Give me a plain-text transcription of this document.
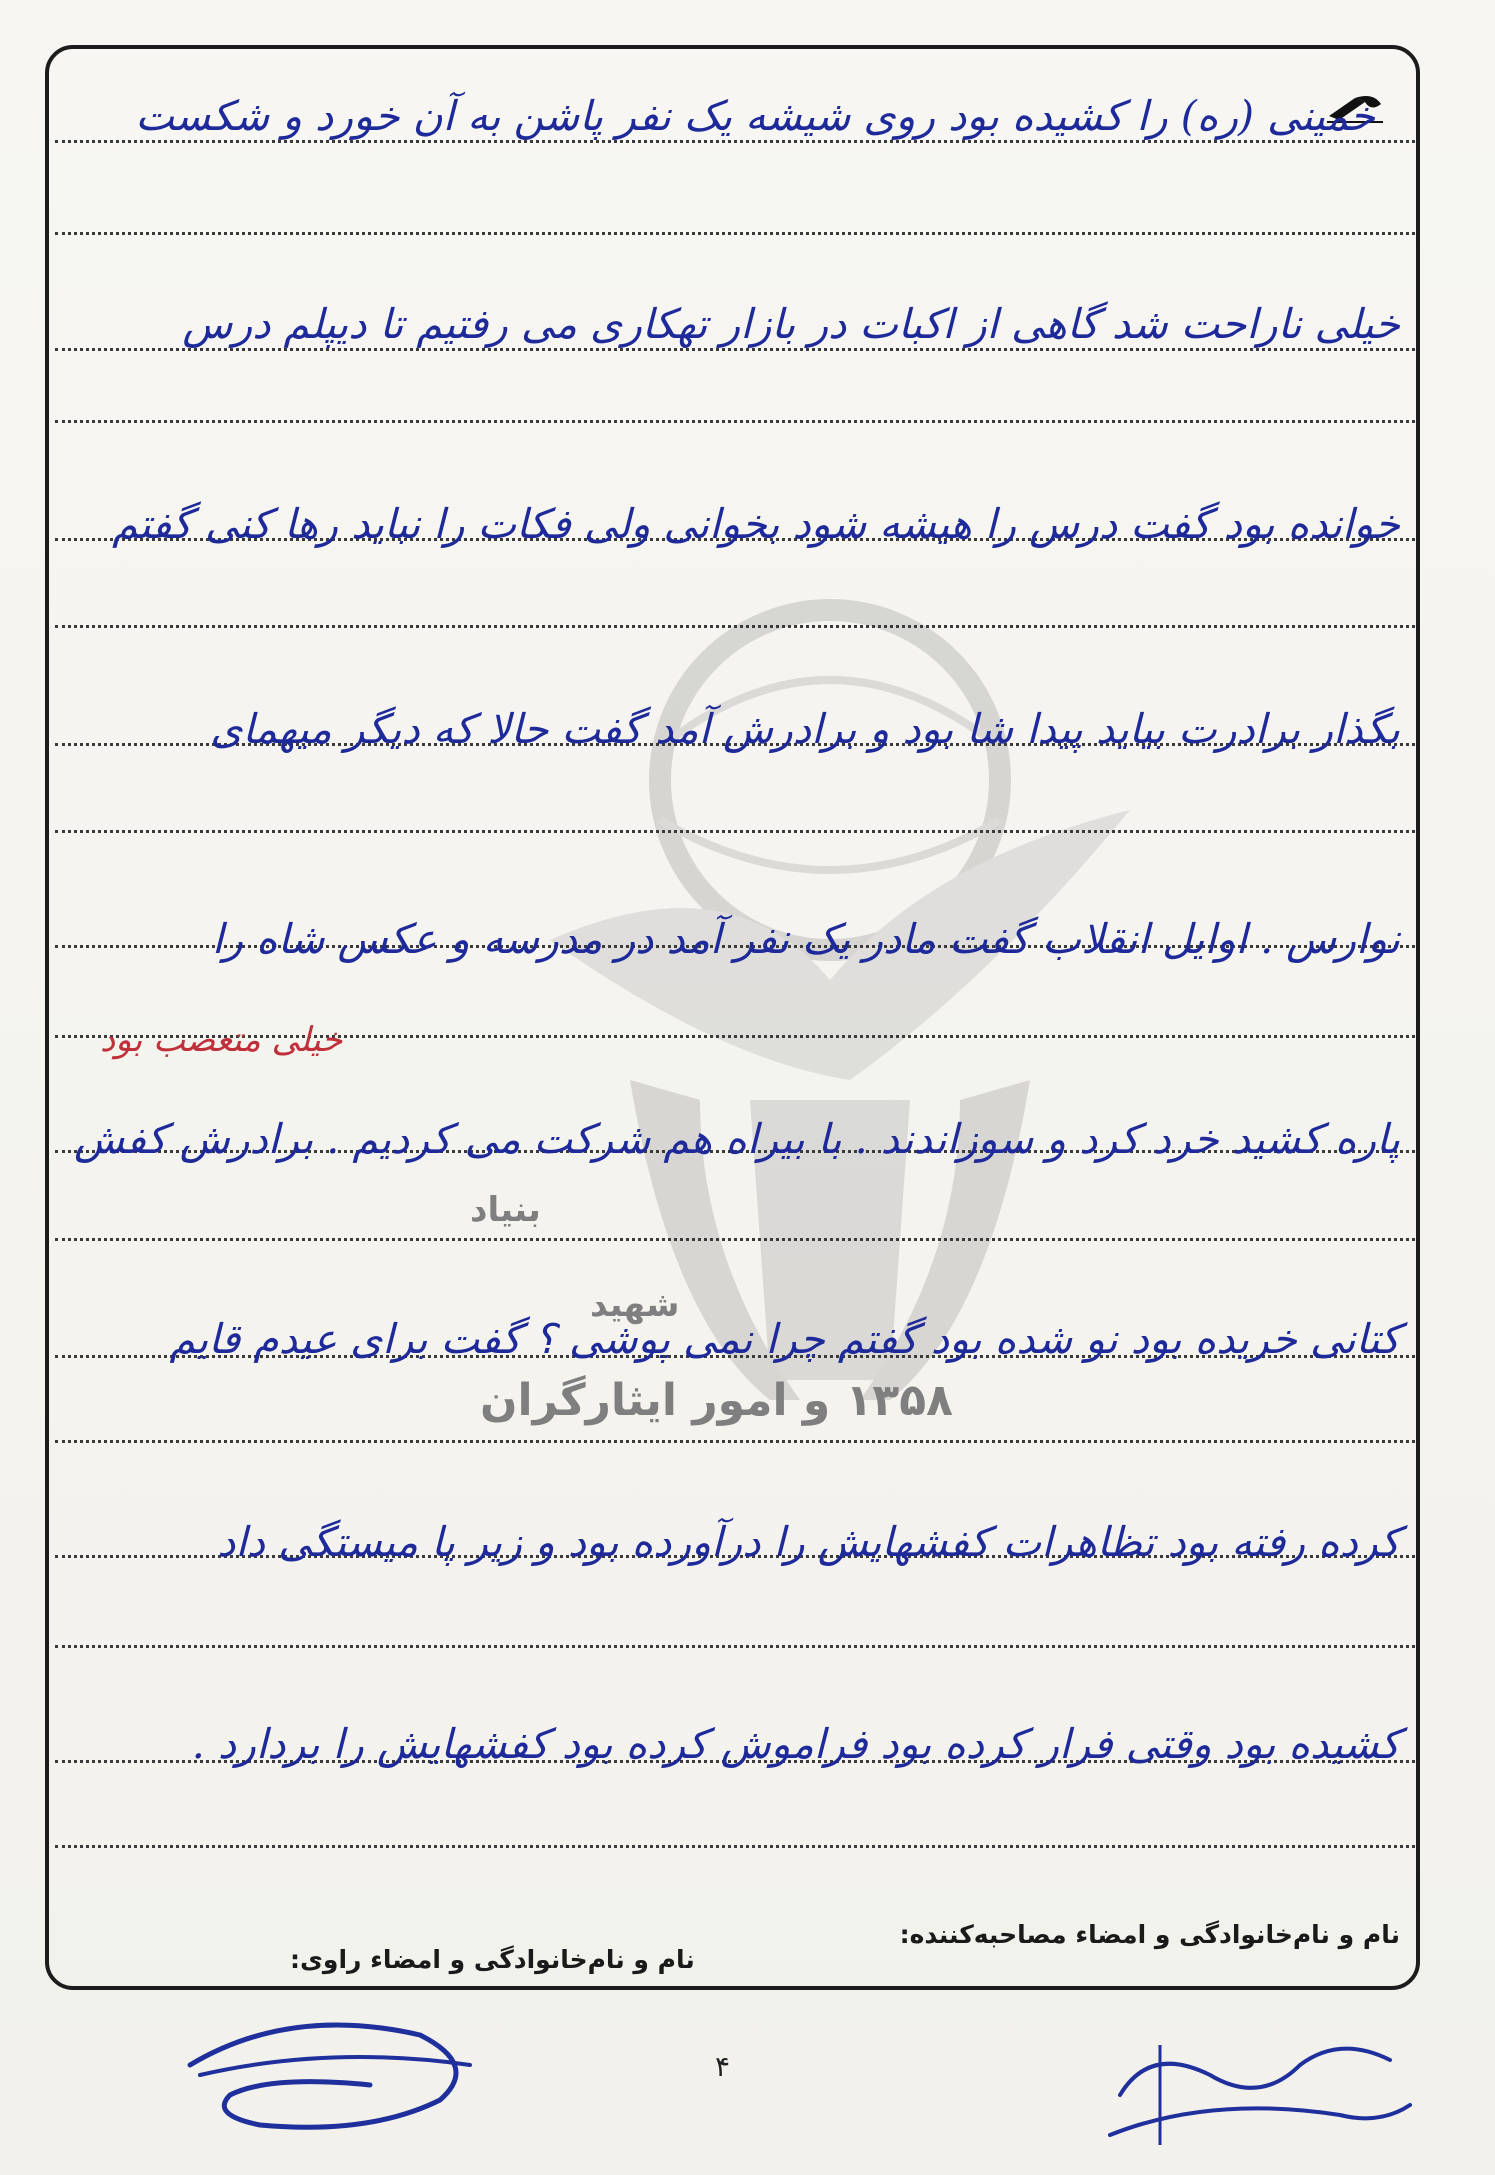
بنیاد
شهید
۱۳۵۸ و امور ایثارگران
خمینی (ره) را کشیده بود روی شیشه یک نفر پاشن به آن خورد و شکست
خیلی ناراحت شد گاهی از اکبات در بازار تهکاری می رفتیم تا دیپلم درس
خوانده بود گفت درس را هیشه شود بخوانی ولی فکات را نباید رها کنی گفتم
بگذار برادرت بیاید پیدا شا بود و برادرش آمد گفت حالا که دیگر میهمای
نوارس . اوایل انقلاب گفت مادر یک نفر آمد در مدرسه و عکس شاه را
خیلی متعصب بود
پاره کشید خرد کرد و سوزاندند . با بیراه هم شرکت می کردیم . برادرش کفش
کتانی خریده بود نو شده بود گفتم چرا نمی پوشی ؟ گفت برای عیدم قایم
کرده رفته بود تظاهرات کفشهایش را درآورده بود و زیر پا میستگی داد
کشیده بود وقتی فرار کرده بود فراموش کرده بود کفشهایش را بردارد .
نام و نام‌خانوادگی و امضاء مصاحبه‌کننده:
نام و نام‌خانوادگی و امضاء راوی:
۴
